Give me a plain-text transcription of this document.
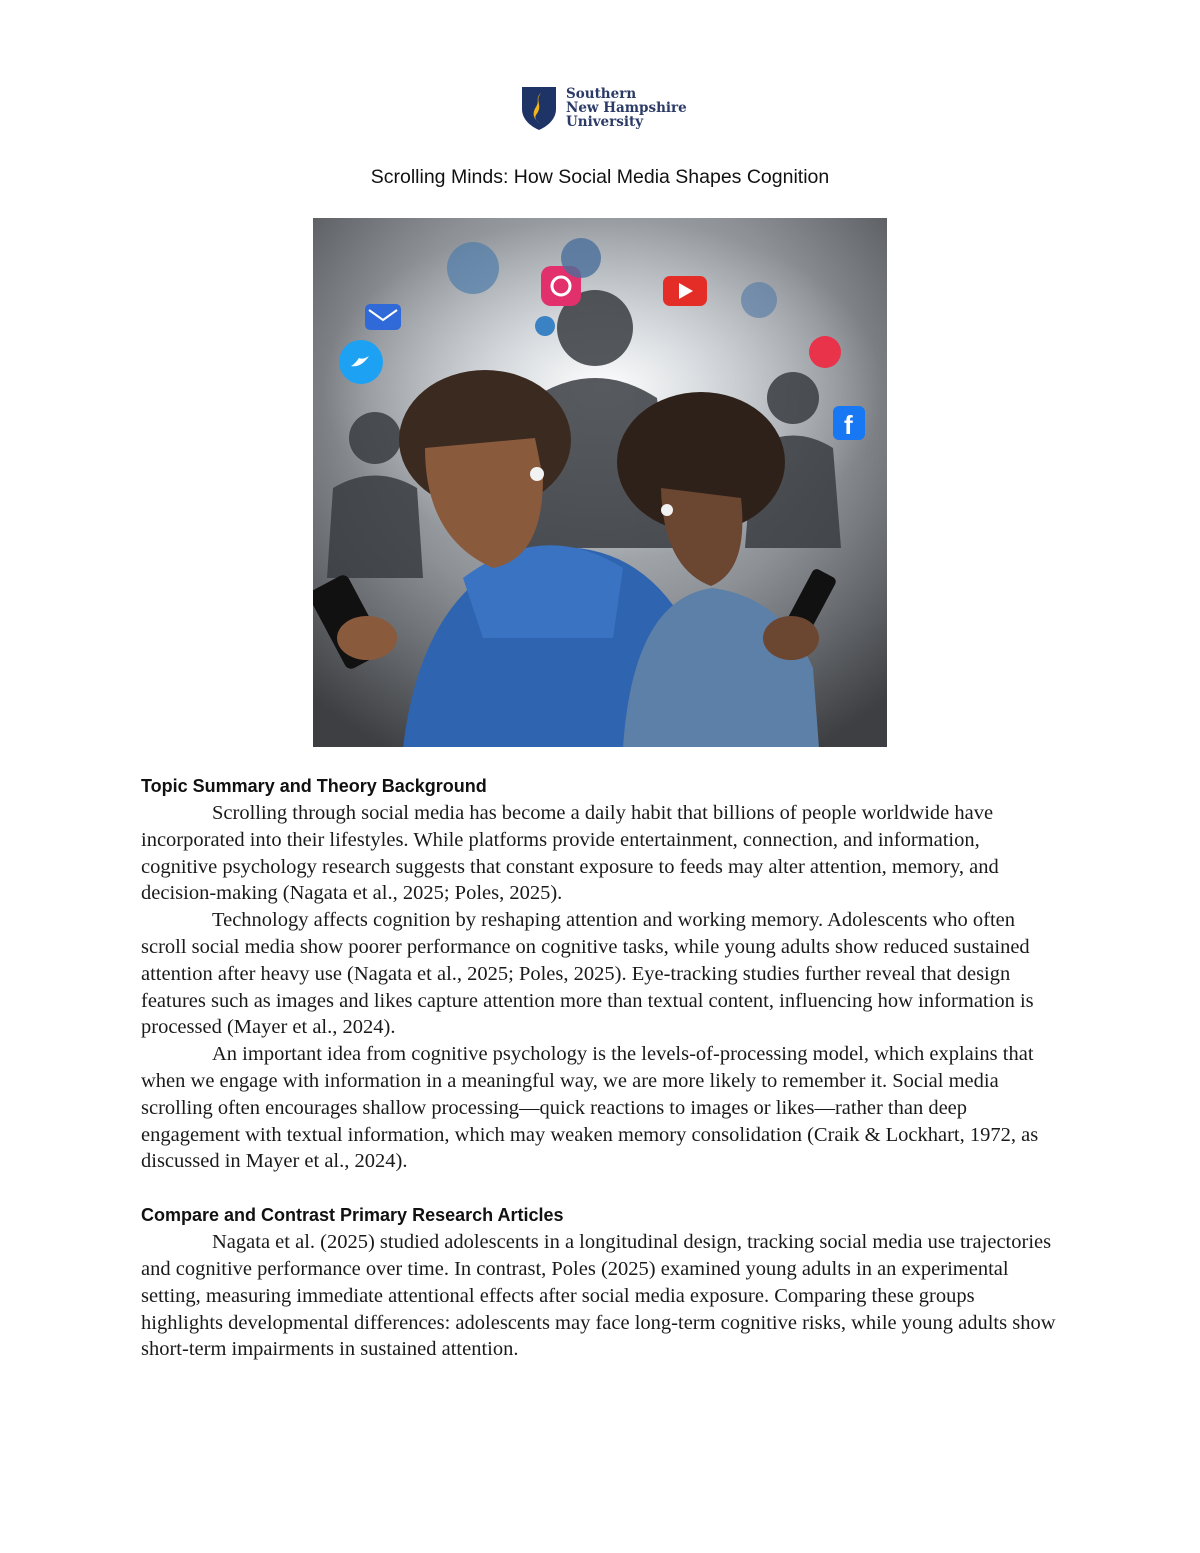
Southern
New Hampshire
University
Scrolling Minds: How Social Media Shapes Cognition
f
Topic Summary and Theory Background

Scrolling through social media has become a daily habit that billions of people worldwide have incorporated into their lifestyles. While platforms provide entertainment, connection, and information, cognitive psychology research suggests that constant exposure to feeds may alter attention, memory, and decision-making (Nagata et al., 2025; Poles, 2025).

Technology affects cognition by reshaping attention and working memory. Adolescents who often scroll social media show poorer performance on cognitive tasks, while young adults show reduced sustained attention after heavy use (Nagata et al., 2025; Poles, 2025). Eye-tracking studies further reveal that design features such as images and likes capture attention more than textual content, influencing how information is processed (Mayer et al., 2024).

An important idea from cognitive psychology is the levels-of-processing model, which explains that when we engage with information in a meaningful way, we are more likely to remember it. Social media scrolling often encourages shallow processing—quick reactions to images or likes—rather than deep engagement with textual information, which may weaken memory consolidation (Craik & Lockhart, 1972, as discussed in Mayer et al., 2024).

Compare and Contrast Primary Research Articles

Nagata et al. (2025) studied adolescents in a longitudinal design, tracking social media use trajectories and cognitive performance over time. In contrast, Poles (2025) examined young adults in an experimental setting, measuring immediate attentional effects after social media exposure. Comparing these groups highlights developmental differences: adolescents may face long-term cognitive risks, while young adults show short-term impairments in sustained attention.
